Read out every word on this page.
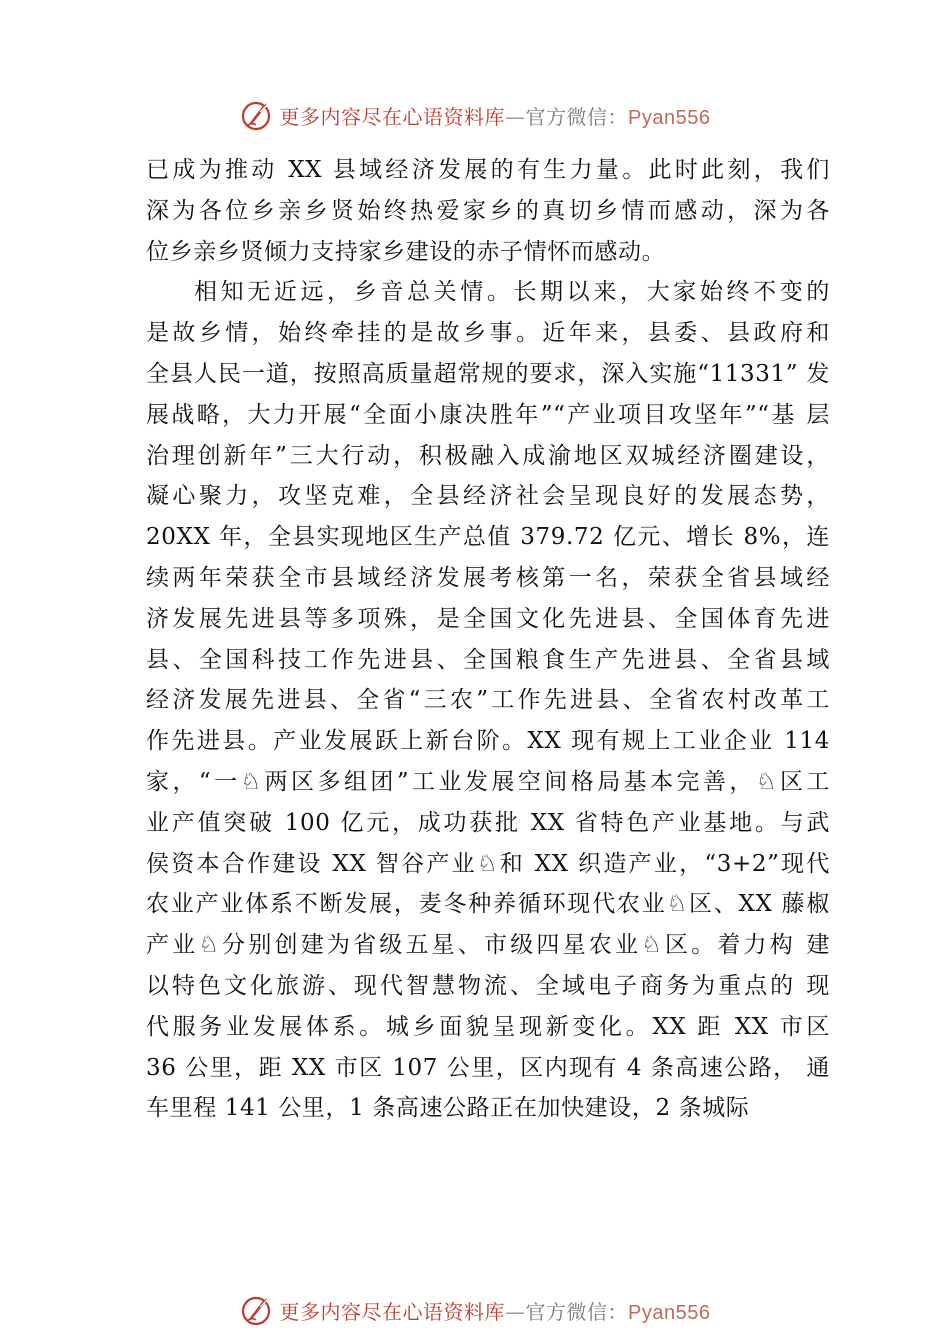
更多内容尽在心语资料库—官方微信：Pyan556
已成为推动 XX 县域经济发展的有生力量。此时此刻，我们
深为各位乡亲乡贤始终热爱家乡的真切乡情而感动，深为各
位乡亲乡贤倾力支持家乡建设的赤子情怀而感动。
相知无近远，乡音总关情。长期以来，大家始终不变的
是故乡情，始终牵挂的是故乡事。近年来，县委、县政府和
全县人民一道，按照高质量超常规的要求，深入实施“11331” 发
展战略，大力开展“全面小康决胜年”“产业项目攻坚年”“基 层
治理创新年”三大行动，积极融入成渝地区双城经济圈建设，
凝心聚力，攻坚克难，全县经济社会呈现良好的发展态势，
20XX 年，全县实现地区生产总值 379.72 亿元、增长 8%，连
续两年荣获全市县域经济发展考核第一名，荣获全省县域经
济发展先进县等多项殊，是全国文化先进县、全国体育先进
县、全国科技工作先进县、全国粮食生产先进县、全省县域
经济发展先进县、全省“三农”工作先进县、全省农村改革工
作先进县。产业发展跃上新台阶。XX 现有规上工业企业 114
家，“一♘两区多组团”工业发展空间格局基本完善，♘区工
业产值突破 100 亿元，成功获批 XX 省特色产业基地。与武
侯资本合作建设 XX 智谷产业♘和 XX 织造产业，“3+2”现代
农业产业体系不断发展，麦冬种养循环现代农业♘区、XX 藤椒
产业♘分别创建为省级五星、市级四星农业♘区。着力构 建
以特色文化旅游、现代智慧物流、全域电子商务为重点的 现
代服务业发展体系。城乡面貌呈现新变化。XX 距 XX 市区
36 公里，距 XX 市区 107 公里，区内现有 4 条高速公路， 通
车里程 141 公里，1 条高速公路正在加快建设，2 条城际
更多内容尽在心语资料库—官方微信：Pyan556
